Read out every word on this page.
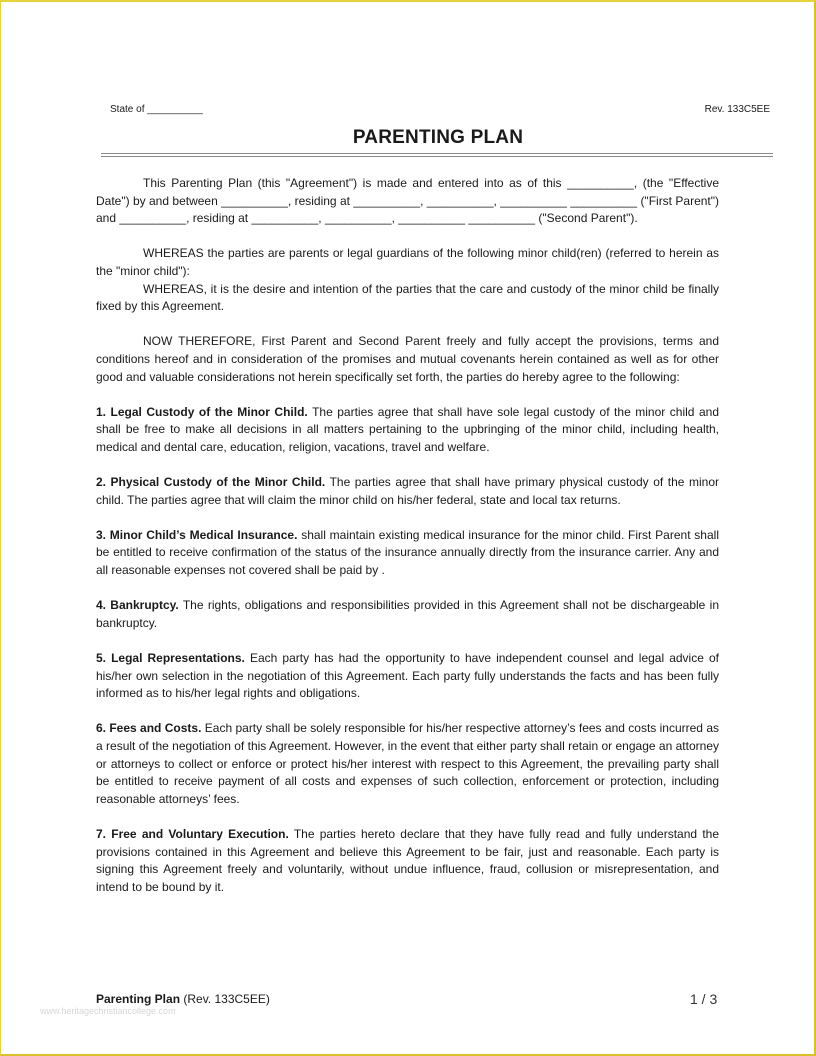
State of __________	Rev. 133C5EE
PARENTING PLAN

This Parenting Plan (this "Agreement") is made and entered into as of this __________, (the "Effective Date") by and between __________, residing at __________, __________, __________ __________ ("First Parent") and __________, residing at __________, __________, __________ __________ ("Second Parent").

WHEREAS the parties are parents or legal guardians of the following minor child(ren) (referred to herein as the "minor child"):

WHEREAS, it is the desire and intention of the parties that the care and custody of the minor child be finally fixed by this Agreement.

NOW THEREFORE, First Parent and Second Parent freely and fully accept the provisions, terms and conditions hereof and in consideration of the promises and mutual covenants herein contained as well as for other good and valuable considerations not herein specifically set forth, the parties do hereby agree to the following:

1. Legal Custody of the Minor Child. The parties agree that shall have sole legal custody of the minor child and shall be free to make all decisions in all matters pertaining to the upbringing of the minor child, including health, medical and dental care, education, religion, vacations, travel and welfare.

2. Physical Custody of the Minor Child. The parties agree that shall have primary physical custody of the minor child. The parties agree that will claim the minor child on his/her federal, state and local tax returns.

3. Minor Child’s Medical Insurance. shall maintain existing medical insurance for the minor child. First Parent shall be entitled to receive confirmation of the status of the insurance annually directly from the insurance carrier. Any and all reasonable expenses not covered shall be paid by .

4. Bankruptcy. The rights, obligations and responsibilities provided in this Agreement shall not be dischargeable in bankruptcy.

5. Legal Representations. Each party has had the opportunity to have independent counsel and legal advice of his/her own selection in the negotiation of this Agreement. Each party fully understands the facts and has been fully informed as to his/her legal rights and obligations.

6. Fees and Costs. Each party shall be solely responsible for his/her respective attorney’s fees and costs incurred as a result of the negotiation of this Agreement. However, in the event that either party shall retain or engage an attorney or attorneys to collect or enforce or protect his/her interest with respect to this Agreement, the prevailing party shall be entitled to receive payment of all costs and expenses of such collection, enforcement or protection, including reasonable attorneys’ fees.

7. Free and Voluntary Execution. The parties hereto declare that they have fully read and fully understand the provisions contained in this Agreement and believe this Agreement to be fair, just and reasonable. Each party is signing this Agreement freely and voluntarily, without undue influence, fraud, collusion or misrepresentation, and intend to be bound by it.

Parenting Plan (Rev. 133C5EE)	1 / 3
www.heritagechristiancollege.com
